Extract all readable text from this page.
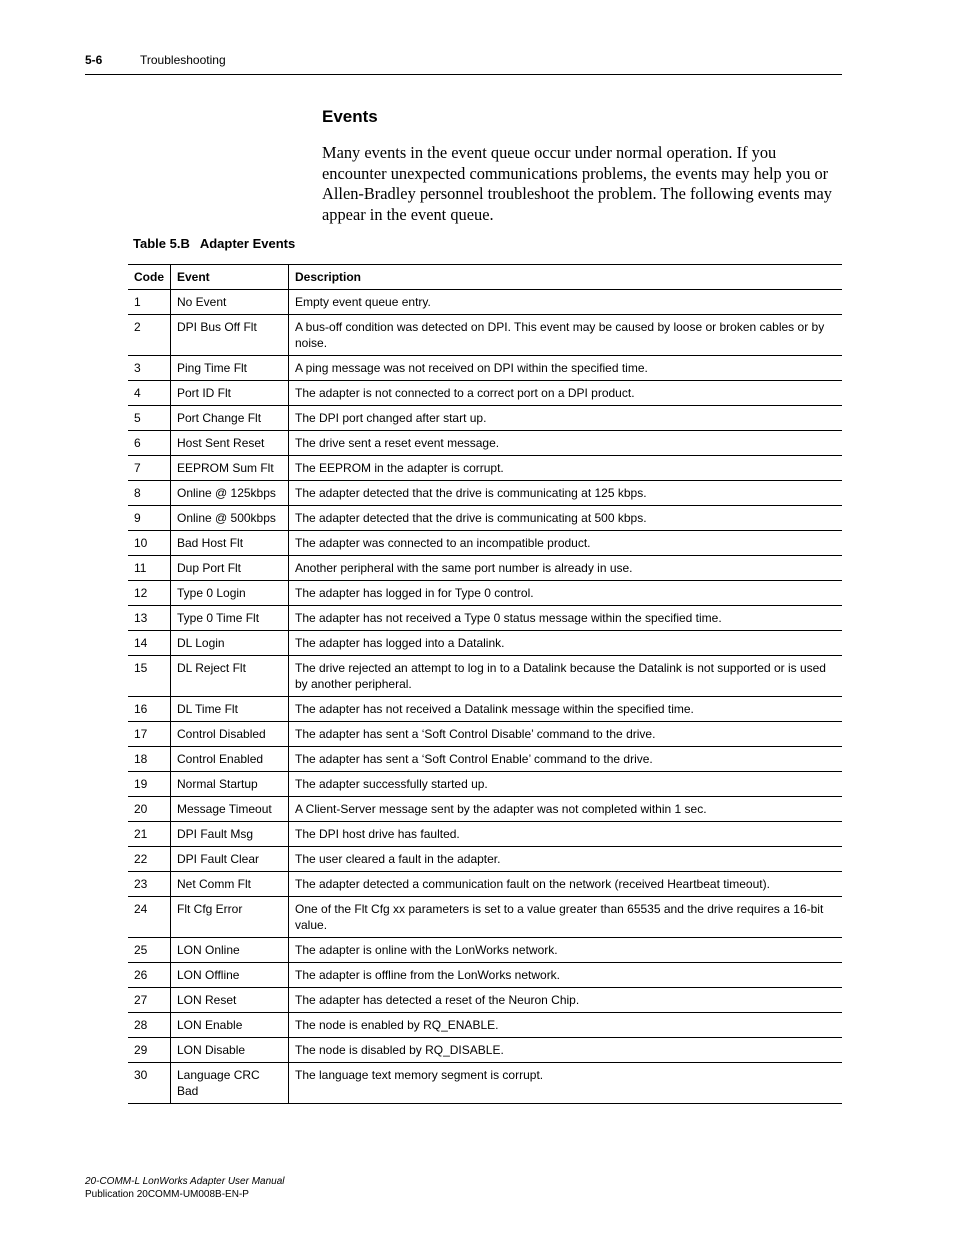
5-6	Troubleshooting
Events

Many events in the event queue occur under normal operation. If you encounter unexpected communications problems, the events may help you or Allen-Bradley personnel troubleshoot the problem. The following events may appear in the event queue.

Table 5.B Adapter Events
Code	Event	Description
1	No Event	Empty event queue entry.
2	DPI Bus Off Flt	A bus-off condition was detected on DPI. This event may be caused by loose or broken cables or by noise.
3	Ping Time Flt	A ping message was not received on DPI within the specified time.
4	Port ID Flt	The adapter is not connected to a correct port on a DPI product.
5	Port Change Flt	The DPI port changed after start up.
6	Host Sent Reset	The drive sent a reset event message.
7	EEPROM Sum Flt	The EEPROM in the adapter is corrupt.
8	Online @ 125kbps	The adapter detected that the drive is communicating at 125 kbps.
9	Online @ 500kbps	The adapter detected that the drive is communicating at 500 kbps.
10	Bad Host Flt	The adapter was connected to an incompatible product.
11	Dup Port Flt	Another peripheral with the same port number is already in use.
12	Type 0 Login	The adapter has logged in for Type 0 control.
13	Type 0 Time Flt	The adapter has not received a Type 0 status message within the specified time.
14	DL Login	The adapter has logged into a Datalink.
15	DL Reject Flt	The drive rejected an attempt to log in to a Datalink because the Datalink is not supported or is used by another peripheral.
16	DL Time Flt	The adapter has not received a Datalink message within the specified time.
17	Control Disabled	The adapter has sent a ‘Soft Control Disable’ command to the drive.
18	Control Enabled	The adapter has sent a ‘Soft Control Enable’ command to the drive.
19	Normal Startup	The adapter successfully started up.
20	Message Timeout	A Client-Server message sent by the adapter was not completed within 1 sec.
21	DPI Fault Msg	The DPI host drive has faulted.
22	DPI Fault Clear	The user cleared a fault in the adapter.
23	Net Comm Flt	The adapter detected a communication fault on the network (received Heartbeat timeout).
24	Flt Cfg Error	One of the Flt Cfg xx parameters is set to a value greater than 65535 and the drive requires a 16-bit value.
25	LON Online	The adapter is online with the LonWorks network.
26	LON Offline	The adapter is offline from the LonWorks network.
27	LON Reset	The adapter has detected a reset of the Neuron Chip.
28	LON Enable	The node is enabled by RQ_ENABLE.
29	LON Disable	The node is disabled by RQ_DISABLE.
30	Language CRC Bad	The language text memory segment is corrupt.
20-COMM-L LonWorks Adapter User Manual
Publication 20COMM-UM008B-EN-P
